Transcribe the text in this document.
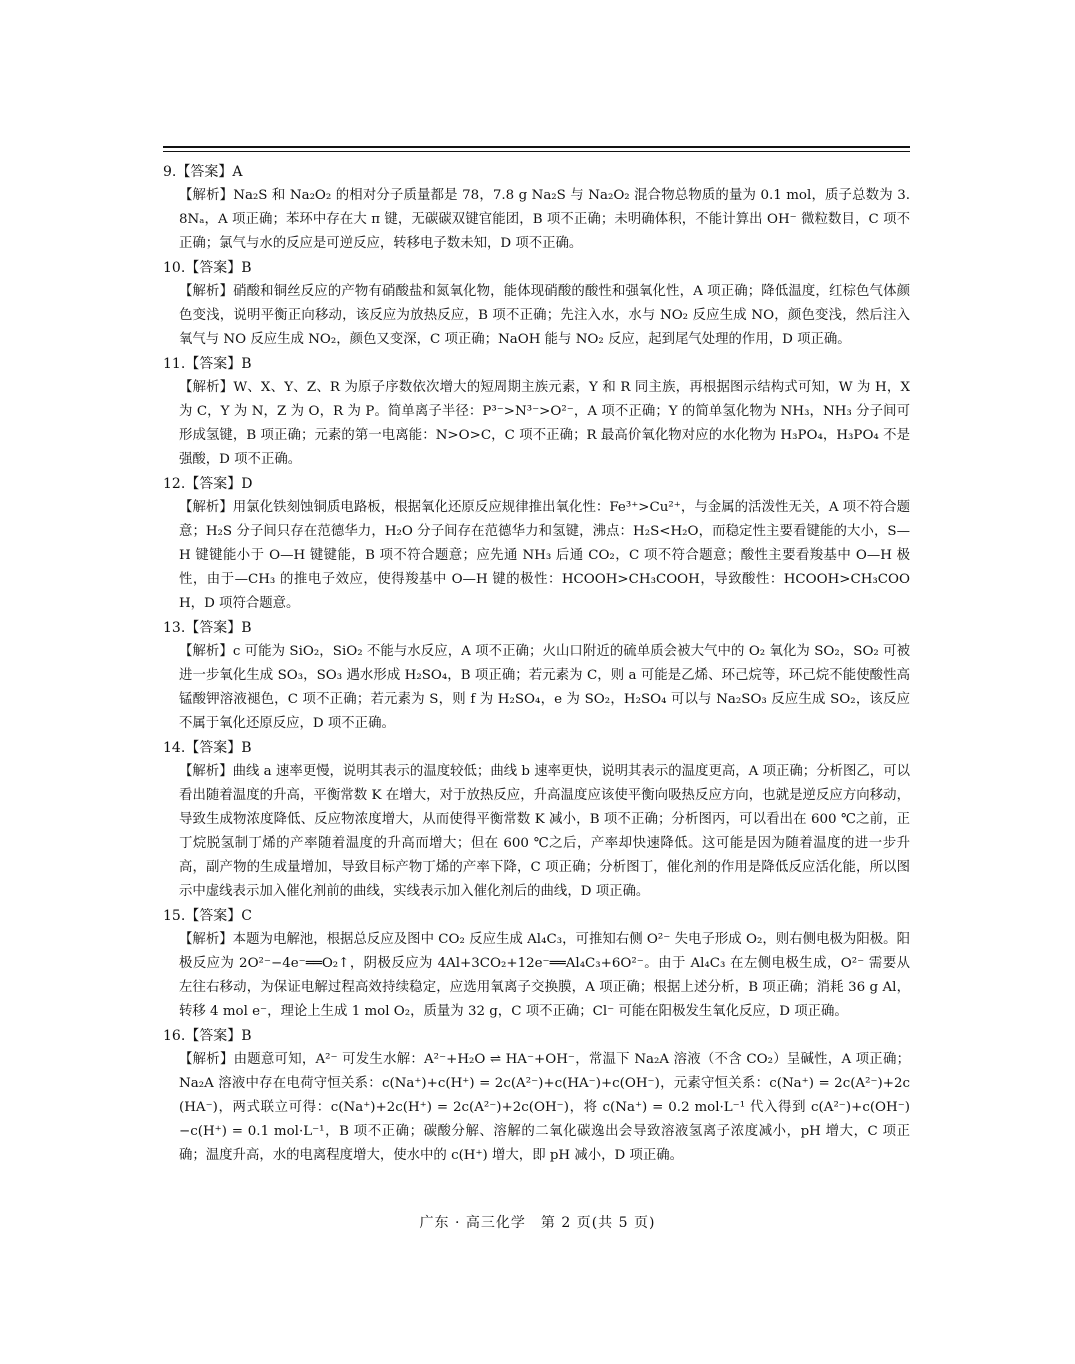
9.【答案】A

【解析】Na₂S 和 Na₂O₂ 的相对分子质量都是 78，7.8 g Na₂S 与 Na₂O₂ 混合物总物质的量为 0.1 mol，质子总数为 3.8Nₐ，A 项正确；苯环中存在大 π 键，无碳碳双键官能团，B 项不正确；未明确体积，不能计算出 OH⁻ 微粒数目，C 项不正确；氯气与水的反应是可逆反应，转移电子数未知，D 项不正确。

10.【答案】B

【解析】硝酸和铜丝反应的产物有硝酸盐和氮氧化物，能体现硝酸的酸性和强氧化性，A 项正确；降低温度，红棕色气体颜色变浅，说明平衡正向移动，该反应为放热反应，B 项不正确；先注入水，水与 NO₂ 反应生成 NO，颜色变浅，然后注入氧气与 NO 反应生成 NO₂，颜色又变深，C 项正确；NaOH 能与 NO₂ 反应，起到尾气处理的作用，D 项正确。

11.【答案】B

【解析】W、X、Y、Z、R 为原子序数依次增大的短周期主族元素，Y 和 R 同主族，再根据图示结构式可知，W 为 H，X 为 C，Y 为 N，Z 为 O，R 为 P。简单离子半径：P³⁻>N³⁻>O²⁻，A 项不正确；Y 的简单氢化物为 NH₃，NH₃ 分子间可形成氢键，B 项正确；元素的第一电离能：N>O>C，C 项不正确；R 最高价氧化物对应的水化物为 H₃PO₄，H₃PO₄ 不是强酸，D 项不正确。

12.【答案】D

【解析】用氯化铁刻蚀铜质电路板，根据氧化还原反应规律推出氧化性：Fe³⁺>Cu²⁺，与金属的活泼性无关，A 项不符合题意；H₂S 分子间只存在范德华力，H₂O 分子间存在范德华力和氢键，沸点：H₂S<H₂O，而稳定性主要看键能的大小，S—H 键键能小于 O—H 键键能，B 项不符合题意；应先通 NH₃ 后通 CO₂，C 项不符合题意；酸性主要看羧基中 O—H 极性，由于—CH₃ 的推电子效应，使得羧基中 O—H 键的极性：HCOOH>CH₃COOH，导致酸性：HCOOH>CH₃COOH，D 项符合题意。

13.【答案】B

【解析】c 可能为 SiO₂，SiO₂ 不能与水反应，A 项不正确；火山口附近的硫单质会被大气中的 O₂ 氧化为 SO₂，SO₂ 可被进一步氧化生成 SO₃，SO₃ 遇水形成 H₂SO₄，B 项正确；若元素为 C，则 a 可能是乙烯、环己烷等，环己烷不能使酸性高锰酸钾溶液褪色，C 项不正确；若元素为 S，则 f 为 H₂SO₄，e 为 SO₂，H₂SO₄ 可以与 Na₂SO₃ 反应生成 SO₂，该反应不属于氧化还原反应，D 项不正确。

14.【答案】B

【解析】曲线 a 速率更慢，说明其表示的温度较低；曲线 b 速率更快，说明其表示的温度更高，A 项正确；分析图乙，可以看出随着温度的升高，平衡常数 K 在增大，对于放热反应，升高温度应该使平衡向吸热反应方向，也就是逆反应方向移动，导致生成物浓度降低、反应物浓度增大，从而使得平衡常数 K 减小，B 项不正确；分析图丙，可以看出在 600 ℃之前，正丁烷脱氢制丁烯的产率随着温度的升高而增大；但在 600 ℃之后，产率却快速降低。这可能是因为随着温度的进一步升高，副产物的生成量增加，导致目标产物丁烯的产率下降，C 项正确；分析图丁，催化剂的作用是降低反应活化能，所以图示中虚线表示加入催化剂前的曲线，实线表示加入催化剂后的曲线，D 项正确。

15.【答案】C

【解析】本题为电解池，根据总反应及图中 CO₂ 反应生成 Al₄C₃，可推知右侧 O²⁻ 失电子形成 O₂，则右侧电极为阳极。阳极反应为 2O²⁻−4e⁻══O₂↑，阴极反应为 4Al+3CO₂+12e⁻══Al₄C₃+6O²⁻。由于 Al₄C₃ 在左侧电极生成，O²⁻ 需要从左往右移动，为保证电解过程高效持续稳定，应选用氧离子交换膜，A 项正确；根据上述分析，B 项正确；消耗 36 g Al，转移 4 mol e⁻，理论上生成 1 mol O₂，质量为 32 g，C 项不正确；Cl⁻ 可能在阳极发生氧化反应，D 项正确。

16.【答案】B

【解析】由题意可知，A²⁻ 可发生水解：A²⁻+H₂O ⇌ HA⁻+OH⁻，常温下 Na₂A 溶液（不含 CO₂）呈碱性，A 项正确；Na₂A 溶液中存在电荷守恒关系：c(Na⁺)+c(H⁺) = 2c(A²⁻)+c(HA⁻)+c(OH⁻)，元素守恒关系：c(Na⁺) = 2c(A²⁻)+2c(HA⁻)，两式联立可得：c(Na⁺)+2c(H⁺) = 2c(A²⁻)+2c(OH⁻)，将 c(Na⁺) = 0.2 mol·L⁻¹ 代入得到 c(A²⁻)+c(OH⁻)−c(H⁺) = 0.1 mol·L⁻¹，B 项不正确；碳酸分解、溶解的二氧化碳逸出会导致溶液氢离子浓度减小，pH 增大，C 项正确；温度升高，水的电离程度增大，使水中的 c(H⁺) 增大，即 pH 减小，D 项正确。

广东 · 高三化学　第 2 页(共 5 页)
